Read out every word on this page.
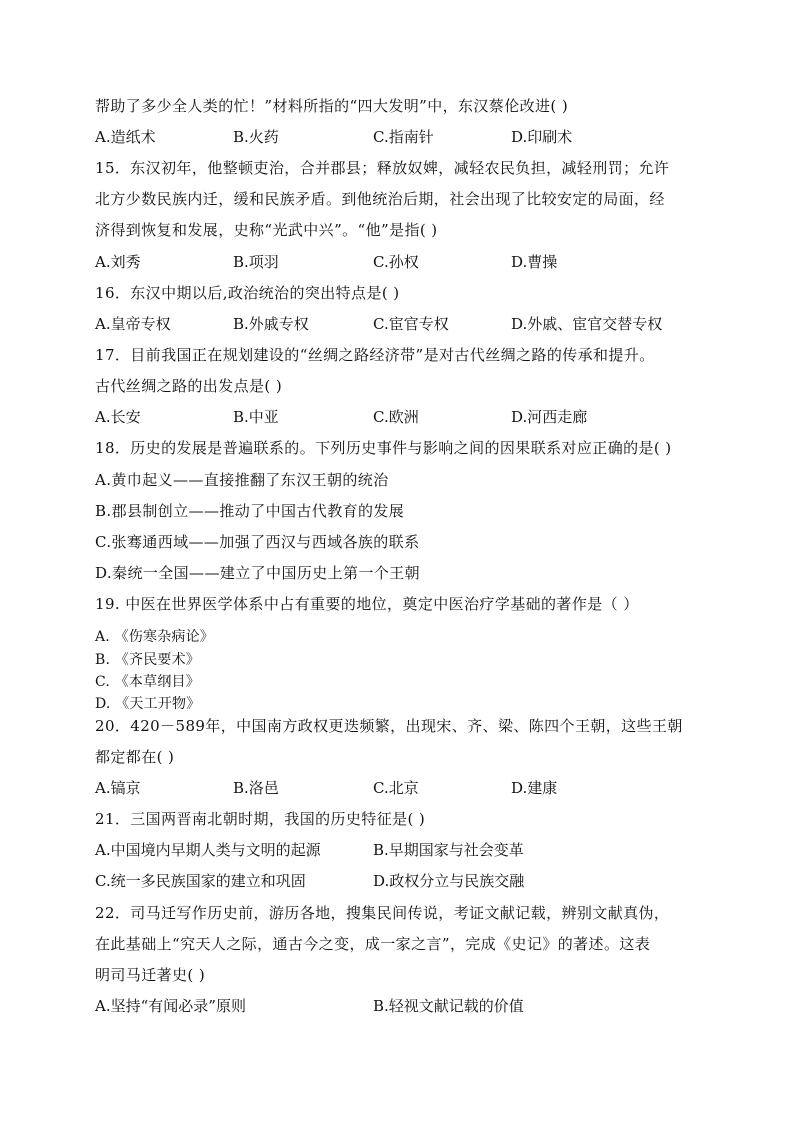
帮助了多少全人类的忙！”材料所指的“四大发明”中，东汉蔡伦改进( )
A.造纸术	B.火药	C.指南针	D.印刷术
15．东汉初年，他整顿吏治，合并郡县；释放奴婢，减轻农民负担，减轻刑罚；允许
北方少数民族内迁，缓和民族矛盾。到他统治后期，社会出现了比较安定的局面，经
济得到恢复和发展，史称“光武中兴”。“他”是指( )
A.刘秀	B.项羽	C.孙权	D.曹操
16．东汉中期以后,政治统治的突出特点是( )
A.皇帝专权	B.外戚专权	C.宦官专权	D.外戚、宦官交替专权
17．目前我国正在规划建设的“丝绸之路经济带”是对古代丝绸之路的传承和提升。
古代丝绸之路的出发点是( )
A.长安	B.中亚	C.欧洲	D.河西走廊
18．历史的发展是普遍联系的。下列历史事件与影响之间的因果联系对应正确的是( )
A.黄巾起义——直接推翻了东汉王朝的统治
B.郡县制创立——推动了中国古代教育的发展
C.张骞通西域——加强了西汉与西域各族的联系
D.秦统一全国——建立了中国历史上第一个王朝
19. 中医在世界医学体系中占有重要的地位，奠定中医治疗学基础的著作是（ ）
A. 《伤寒杂病论》
B. 《齐民要术》
C. 《本草纲目》
D. 《天工开物》
20．420－589年，中国南方政权更迭频繁，出现宋、齐、梁、陈四个王朝，这些王朝
都定都在( )
A.镐京	B.洛邑	C.北京	D.建康
21．三国两晋南北朝时期，我国的历史特征是( )
A.中国境内早期人类与文明的起源	B.早期国家与社会变革
C.统一多民族国家的建立和巩固	D.政权分立与民族交融
22．司马迁写作历史前，游历各地，搜集民间传说，考证文献记载，辨别文献真伪，
在此基础上“究天人之际，通古今之变，成一家之言”，完成《史记》的著述。这表
明司马迁著史( )
A.坚持“有闻必录”原则	B.轻视文献记载的价值
